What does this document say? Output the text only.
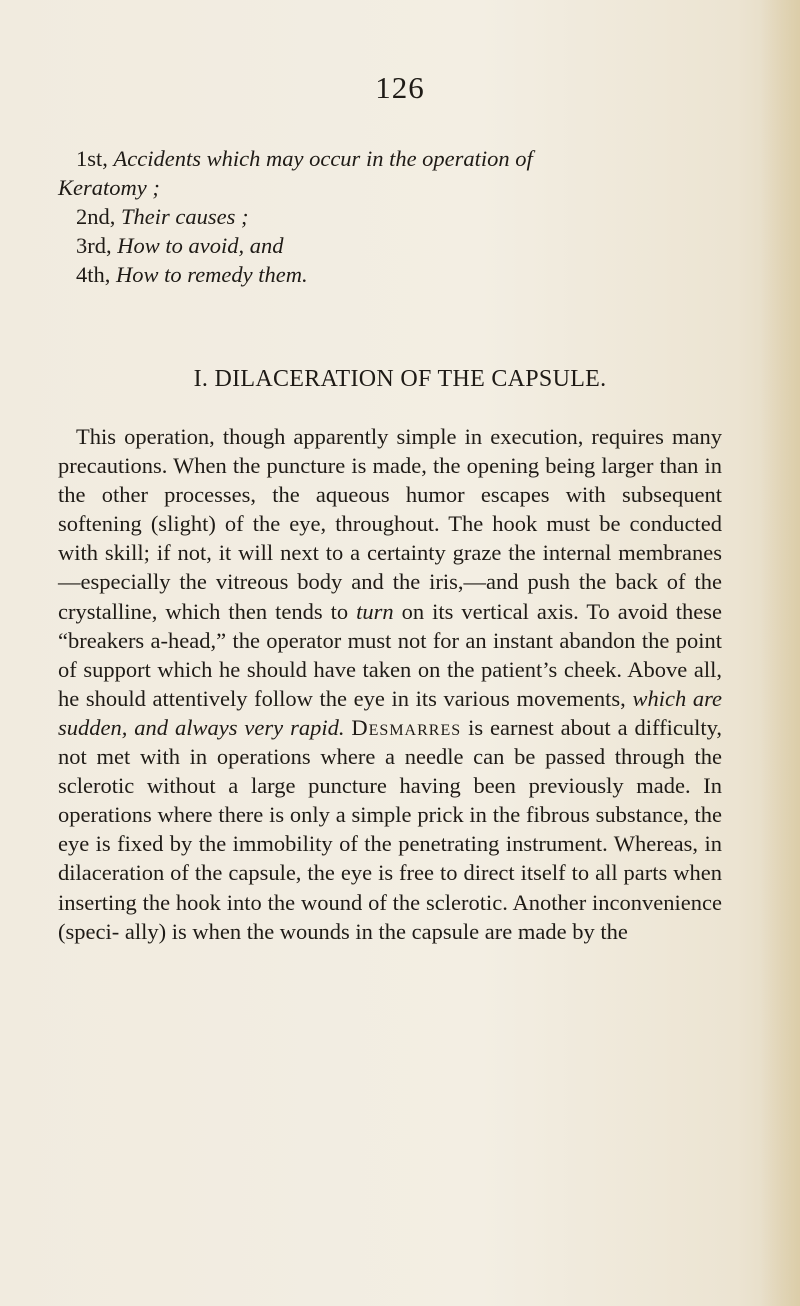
126

1st, Accidents which may occur in the operation of

Keratomy ;

2nd, Their causes ;

3rd, How to avoid, and

4th, How to remedy them.

I. DILACERATION OF THE CAPSULE.

This operation, though apparently simple in execution, requires many precautions. When the puncture is made, the opening being larger than in the other processes, the aqueous humor escapes with subsequent softening (slight) of the eye, throughout. The hook must be conducted with skill; if not, it will next to a certainty graze the internal membranes—especially the vitreous body and the iris,—and push the back of the crystalline, which then tends to turn on its vertical axis. To avoid these “breakers a-head,” the operator must not for an instant abandon the point of support which he should have taken on the patient’s cheek. Above all, he should attentively follow the eye in its various movements, which are sudden, and always very rapid. Desmarres is earnest about a difficulty, not met with in operations where a needle can be passed through the sclerotic without a large puncture having been previously made. In operations where there is only a simple prick in the fibrous substance, the eye is fixed by the immobility of the penetrating instrument. Whereas, in dilaceration of the capsule, the eye is free to direct itself to all parts when inserting the hook into the wound of the sclerotic. Another inconvenience (speci- ally) is when the wounds in the capsule are made by the
